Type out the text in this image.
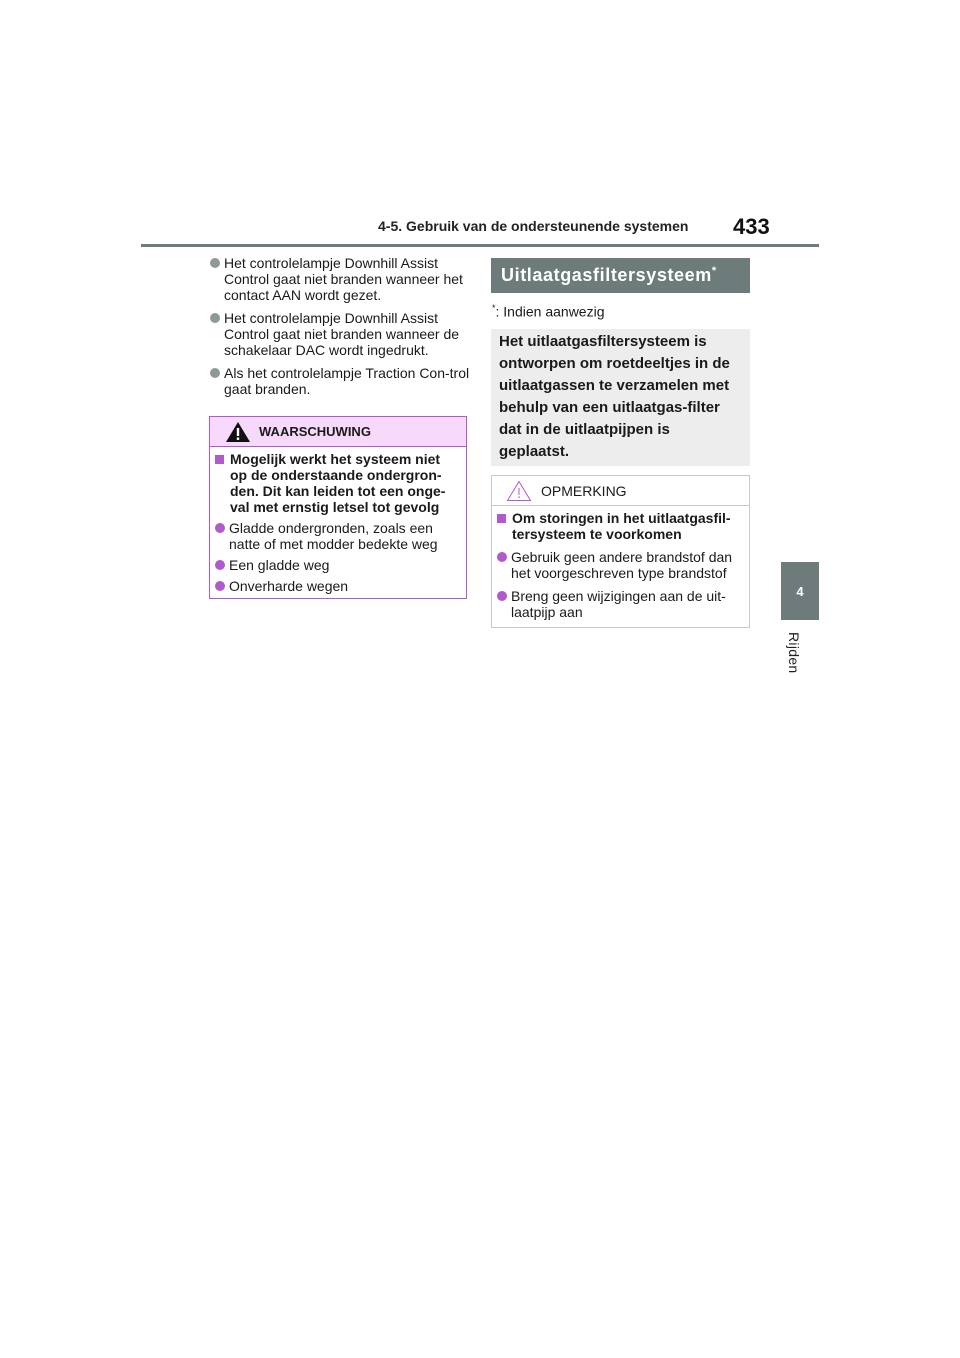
4-5. Gebruik van de ondersteunende systemen 433
4
Rijden
Het controlelampje Downhill Assist Control gaat niet branden wanneer het contact AAN wordt gezet.
Het controlelampje Downhill Assist Control gaat niet branden wanneer de schakelaar DAC wordt ingedrukt.
Als het controlelampje Traction Con-trol gaat branden.
WAARSCHUWING
Mogelijk werkt het systeem niet op de onderstaande ondergron-den. Dit kan leiden tot een onge-val met ernstig letsel tot gevolg
Gladde ondergronden, zoals een natte of met modder bedekte weg
Een gladde weg
Onverharde wegen
Uitlaatgasfiltersysteem*
*: Indien aanwezig
Het uitlaatgasfiltersysteem is ontworpen om roetdeeltjes in de uitlaatgassen te verzamelen met behulp van een uitlaatgas-filter dat in de uitlaatpijpen is geplaatst.
OPMERKING
Om storingen in het uitlaatgasfil-tersysteem te voorkomen
Gebruik geen andere brandstof dan het voorgeschreven type brandstof
Breng geen wijzigingen aan de uit-laatpijp aan
